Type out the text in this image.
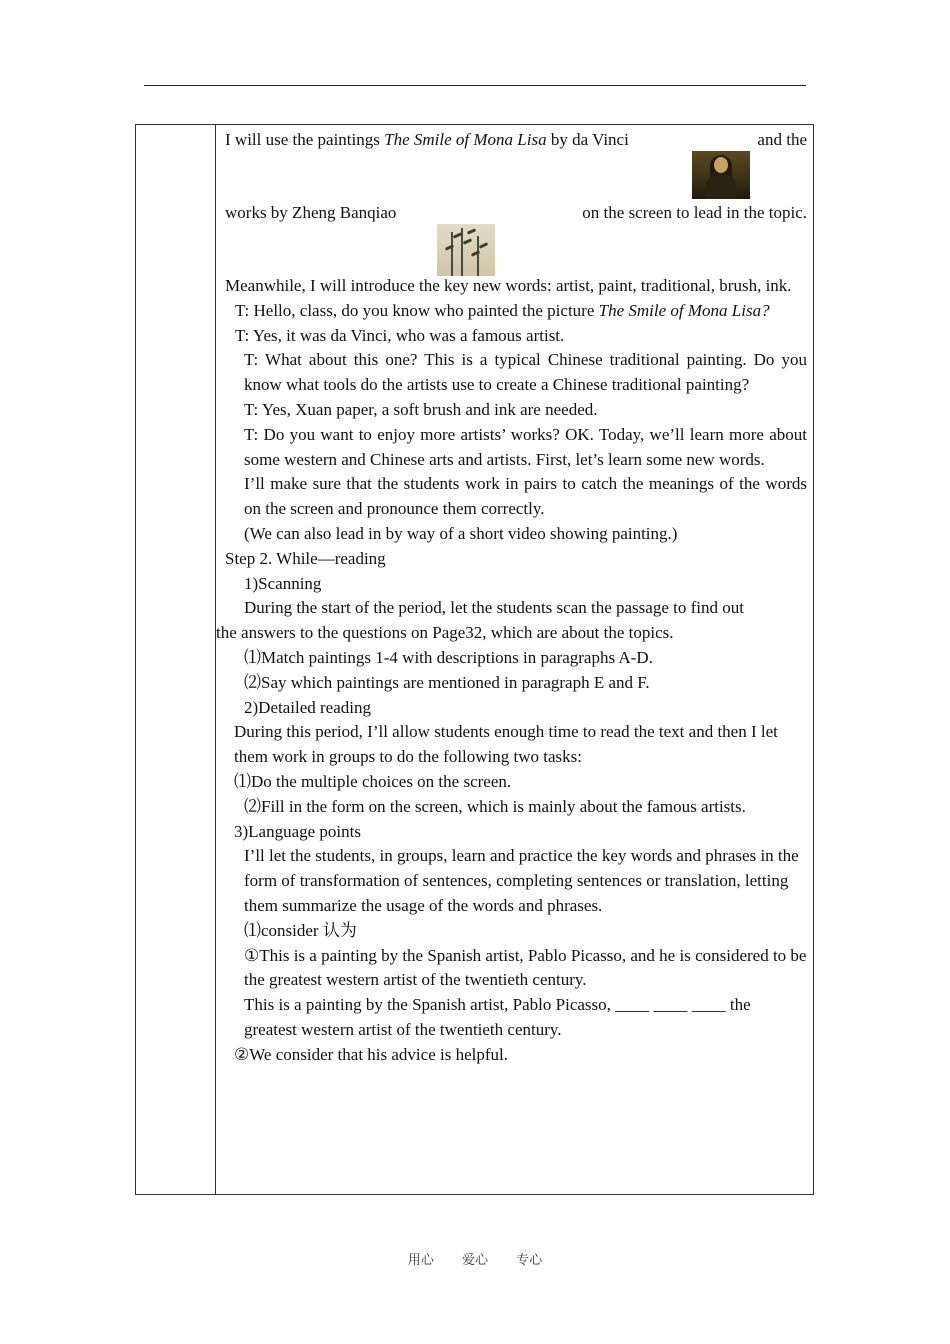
I will use the paintings The Smile of Mona Lisa by da Vinci	and the
works by Zheng Banqiao	on the screen to lead in the topic.

Meanwhile, I will introduce the key new words: artist, paint, traditional, brush, ink.

T: Hello, class, do you know who painted the picture The Smile of Mona Lisa?

T: Yes, it was da Vinci, who was a famous artist.

T: What about this one? This is a typical Chinese traditional painting. Do you know what tools do the artists use to create a Chinese traditional painting?

T: Yes, Xuan paper, a soft brush and ink are needed.

T: Do you want to enjoy more artists’ works? OK. Today, we’ll learn more about some western and Chinese arts and artists. First, let’s learn some new words.

I’ll make sure that the students work in pairs to catch the meanings of the words on the screen and pronounce them correctly.

(We can also lead in by way of a short video showing painting.)

Step 2. While—reading

1)Scanning

During the start of the period, let the students scan the passage to find out

the answers to the questions on Page32, which are about the topics.

⑴Match paintings 1-4 with descriptions in paragraphs A-D.

⑵Say which paintings are mentioned in paragraph E and F.

2)Detailed reading

During this period, I’ll allow students enough time to read the text and then I let them work in groups to do the following two tasks:

⑴Do the multiple choices on the screen.

⑵Fill in the form on the screen, which is mainly about the famous artists.

3)Language points

I’ll let the students, in groups, learn and practice the key words and phrases in the form of transformation of sentences, completing sentences or translation, letting them summarize the usage of the words and phrases.

⑴consider 认为

①This is a painting by the Spanish artist, Pablo Picasso, and he is considered to be the greatest western artist of the twentieth century.

This is a painting by the Spanish artist, Pablo Picasso, ____ ____ ____ the greatest western artist of the twentieth century.

②We consider that his advice is helpful.

用心 爱心 专心
